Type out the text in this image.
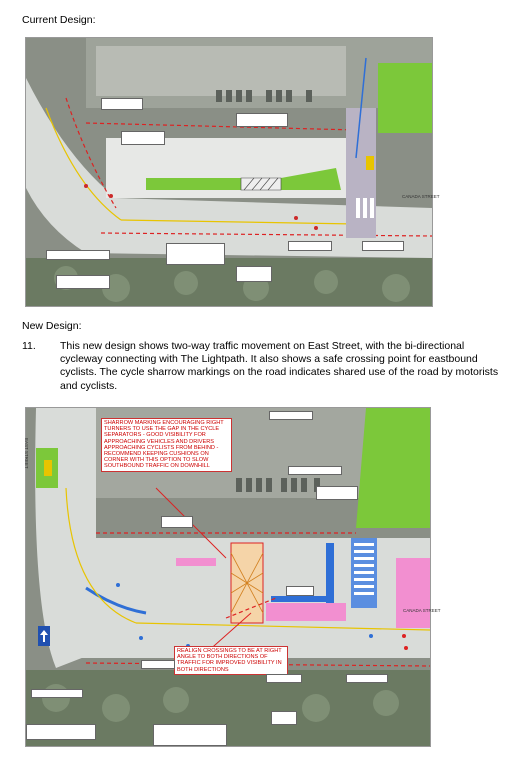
Current Design:
CANADA STREET
New Design:
11. This new design shows two-way traffic movement on East Street, with the bi-directional cycleway connecting with The Lightpath. It also shows a safe crossing point for eastbound cyclists. The cycle sharrow markings on the road indicates shared use of the road by motorists and cyclists.
SHARROW MARKING ENCOURAGING RIGHT TURNERS TO USE THE GAP IN THE CYCLE SEPARATORS - GOOD VISIBILITY FOR APPROACHING VEHICLES AND DRIVERS APPROACHING CYCLISTS FROM BEHIND - RECOMMEND KEEPING CUSHIONS ON CORNER WITH THIS OPTION TO SLOW SOUTHBOUND TRAFFIC ON DOWNHILL
REALIGN CROSSINGS TO BE AT RIGHT ANGLE TO BOTH DIRECTIONS OF TRAFFIC FOR IMPROVED VISIBILITY IN BOTH DIRECTIONS
EAST STREET
CANADA STREET
